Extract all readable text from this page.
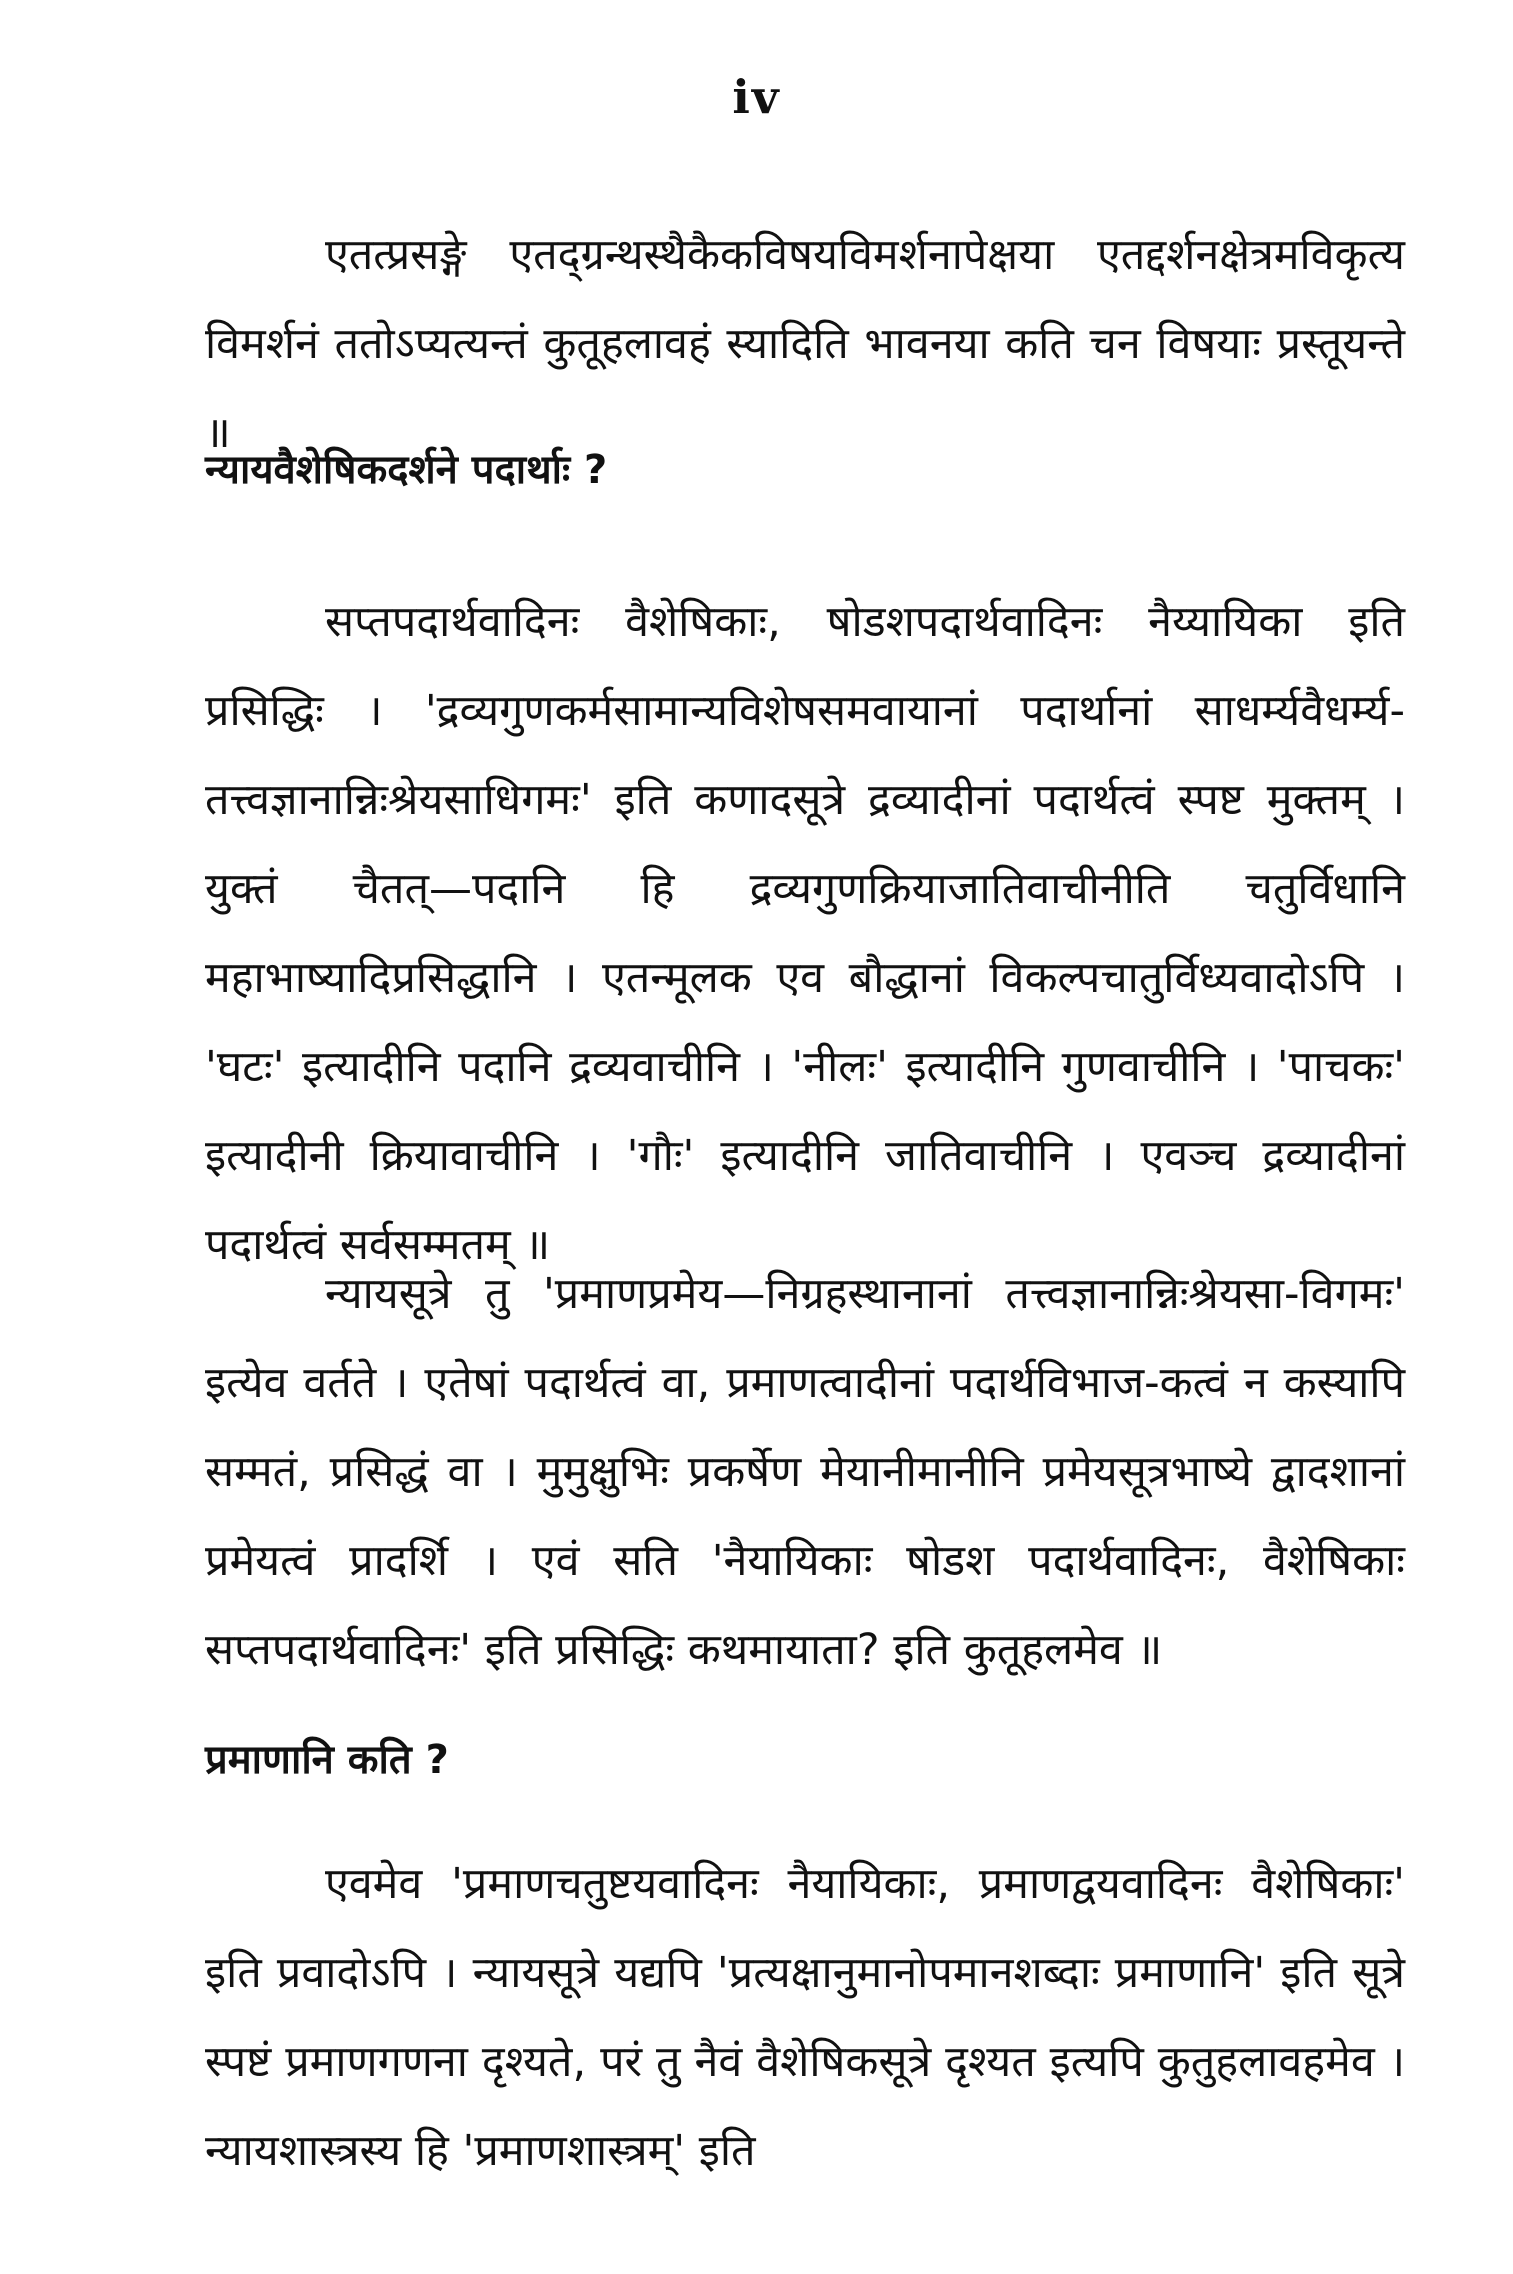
iv

एतत्प्रसङ्गे एतद्ग्रन्थस्थैकैकविषयविमर्शनापेक्षया एतद्दर्शनक्षेत्रमविकृत्य विमर्शनं ततोऽप्यत्यन्तं कुतूहलावहं स्यादिति भावनया कति चन विषयाः प्रस्तूयन्ते ॥

न्यायवैशेषिकदर्शने पदार्थाः ?

सप्तपदार्थवादिनः वैशेषिकाः, षोडशपदार्थवादिनः नैय्यायिका इति प्रसिद्धिः । 'द्रव्यगुणकर्मसामान्यविशेषसमवायानां पदार्थानां साधर्म्यवैधर्म्य-तत्त्वज्ञानान्निःश्रेयसाधिगमः' इति कणादसूत्रे द्रव्यादीनां पदार्थत्वं स्पष्ट मुक्तम् । युक्तं चैतत्—पदानि हि द्रव्यगुणक्रियाजातिवाचीनीति चतुर्विधानि महाभाष्यादिप्रसिद्धानि । एतन्मूलक एव बौद्धानां विकल्पचातुर्विध्यवादोऽपि । 'घटः' इत्यादीनि पदानि द्रव्यवाचीनि । 'नीलः' इत्यादीनि गुणवाचीनि । 'पाचकः' इत्यादीनी क्रियावाचीनि । 'गौः' इत्यादीनि जातिवाचीनि । एवञ्च द्रव्यादीनां पदार्थत्वं सर्वसम्मतम् ॥

न्यायसूत्रे तु 'प्रमाणप्रमेय—निग्रहस्थानानां तत्त्वज्ञानान्निःश्रेयसा-विगमः' इत्येव वर्तते । एतेषां पदार्थत्वं वा, प्रमाणत्वादीनां पदार्थविभाज-कत्वं न कस्यापि सम्मतं, प्रसिद्धं वा । मुमुक्षुभिः प्रकर्षेण मेयानीमानीनि प्रमेयसूत्रभाष्ये द्वादशानां प्रमेयत्वं प्रादर्शि । एवं सति 'नैयायिकाः षोडश पदार्थवादिनः, वैशेषिकाः सप्तपदार्थवादिनः' इति प्रसिद्धिः कथमायाता? इति कुतूहलमेव ॥

प्रमाणानि कति ?

एवमेव 'प्रमाणचतुष्टयवादिनः नैयायिकाः, प्रमाणद्वयवादिनः वैशेषिकाः' इति प्रवादोऽपि । न्यायसूत्रे यद्यपि 'प्रत्यक्षानुमानोपमानशब्दाः प्रमाणानि' इति सूत्रे स्पष्टं प्रमाणगणना दृश्यते, परं तु नैवं वैशेषिकसूत्रे दृश्यत इत्यपि कुतुहलावहमेव । न्यायशास्त्रस्य हि 'प्रमाणशास्त्रम्' इति
